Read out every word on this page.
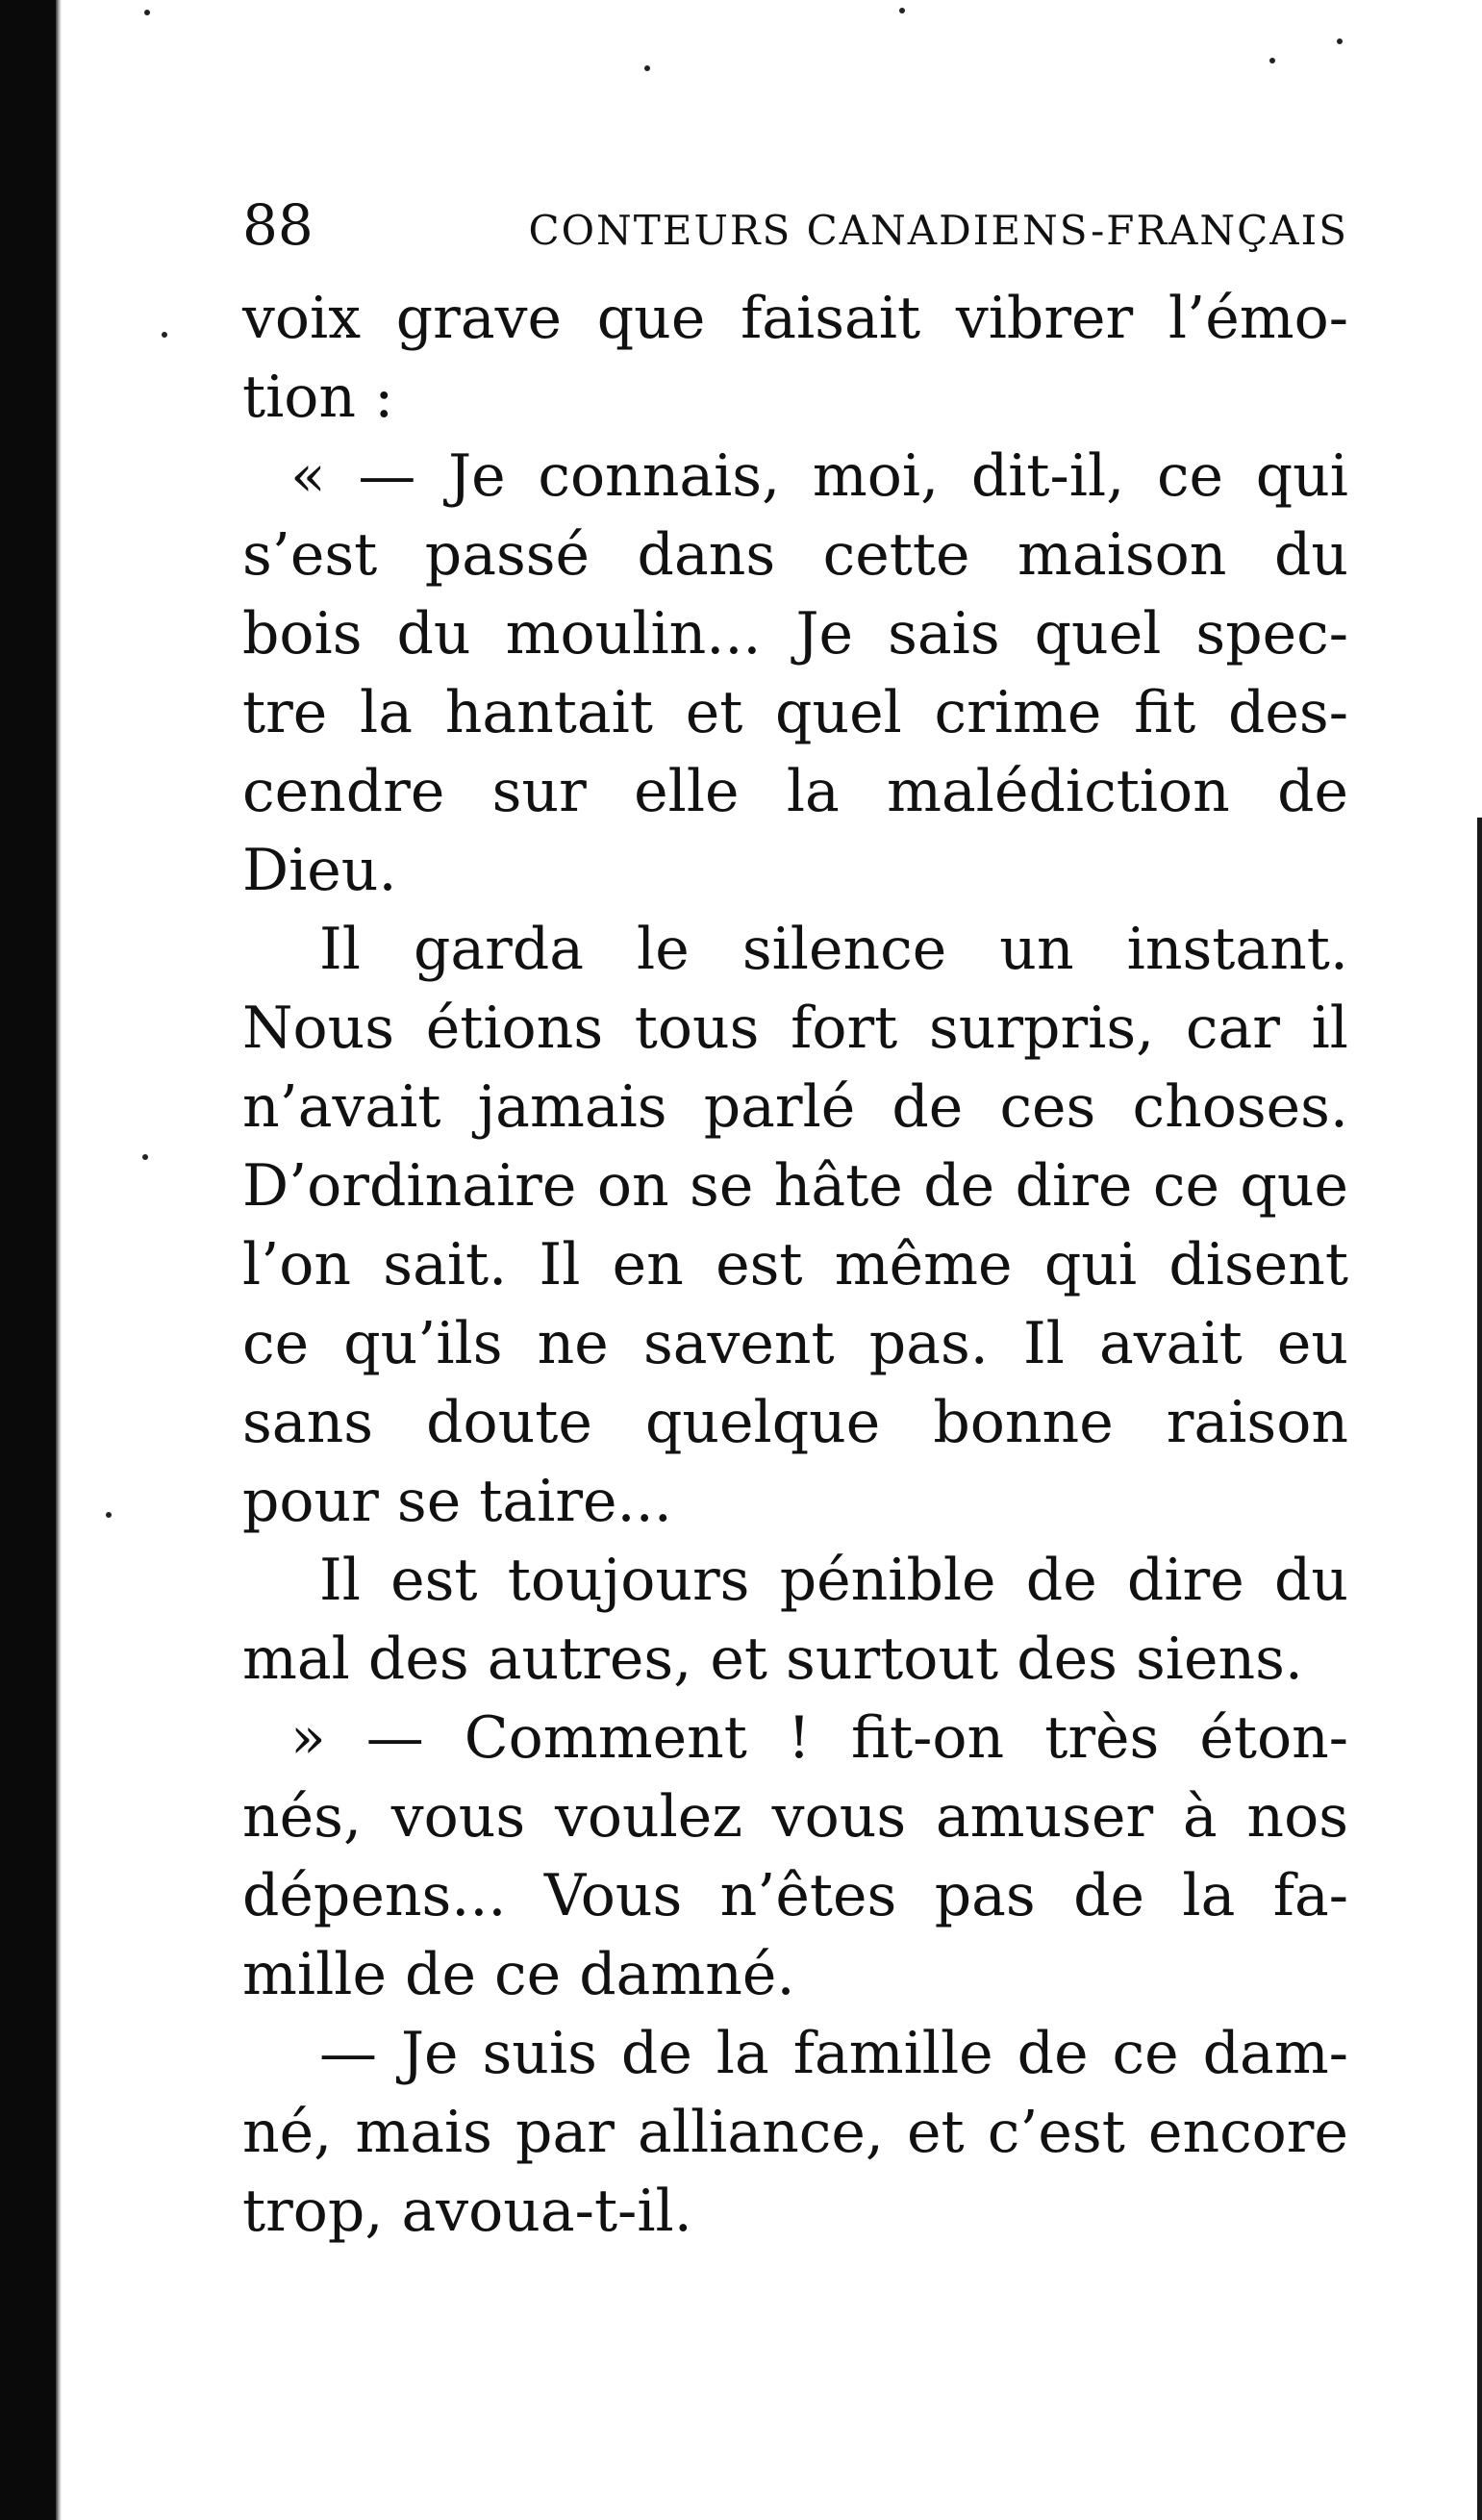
88	CONTEURS CANADIENS-FRANÇAIS
voix grave que faisait vibrer l’émo-
tion :
« — Je connais, moi, dit-il, ce qui
s’est passé dans cette maison du
bois du moulin... Je sais quel spec-
tre la hantait et quel crime fit des-
cendre sur elle la malédiction de
Dieu.
Il garda le silence un instant.
Nous étions tous fort surpris, car il
n’avait jamais parlé de ces choses.
D’ordinaire on se hâte de dire ce que
l’on sait. Il en est même qui disent
ce qu’ils ne savent pas. Il avait eu
sans doute quelque bonne raison
pour se taire...
Il est toujours pénible de dire du
mal des autres, et surtout des siens.
» — Comment ! fit-on très éton-
nés, vous voulez vous amuser à nos
dépens... Vous n’êtes pas de la fa-
mille de ce damné.
— Je suis de la famille de ce dam-
né, mais par alliance, et c’est encore
trop, avoua-t-il.
